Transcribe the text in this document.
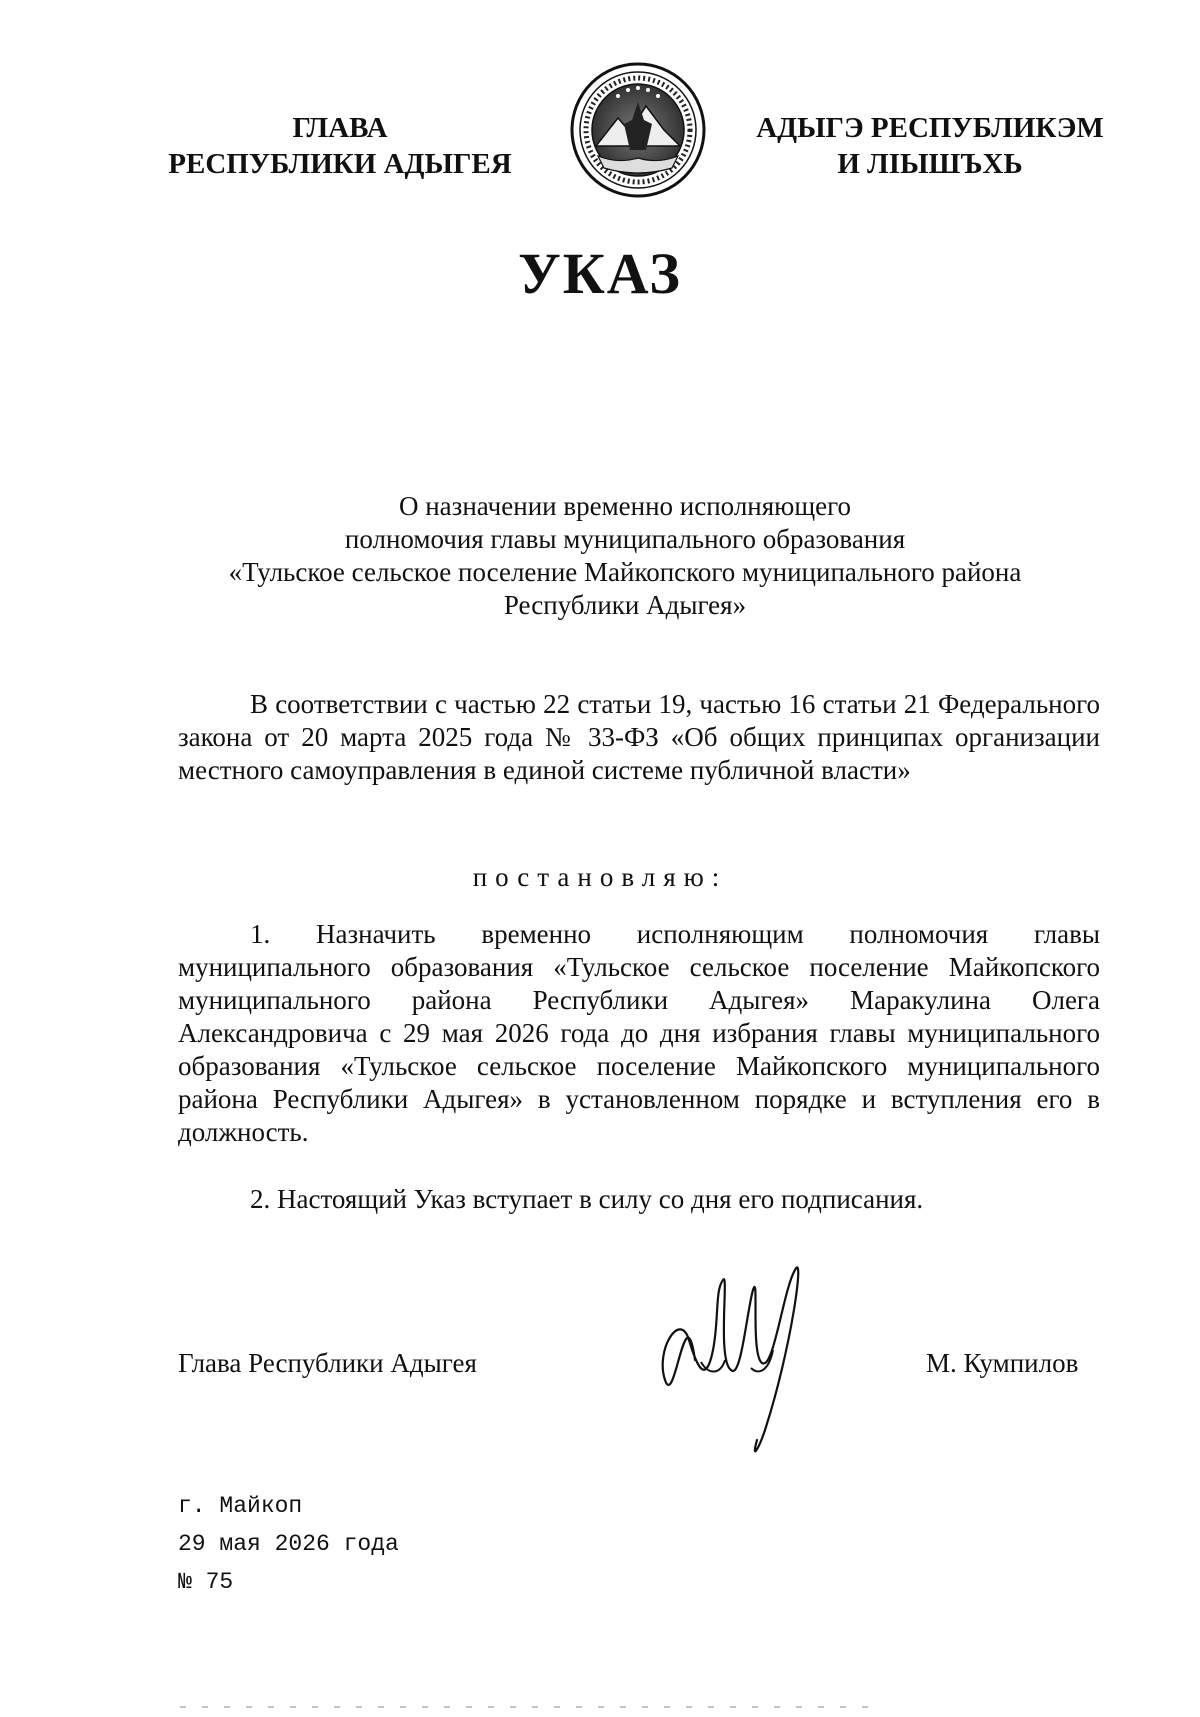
ГЛАВА
РЕСПУБЛИКИ АДЫГЕЯ
АДЫГЭ РЕСПУБЛИКЭМ
И ЛІЫШЪХЬ
УКАЗ
О назначении временно исполняющего
полномочия главы муниципального образования
«Тульское сельское поселение Майкопского муниципального района
Республики Адыгея»
В соответствии с частью 22 статьи 19, частью 16 статьи 21 Федерального закона от 20 марта 2025 года № 33-ФЗ «Об общих принципах организации местного самоуправления в единой системе публичной власти»
постановляю:
1. Назначить временно исполняющим полномочия главы муниципального образования «Тульское сельское поселение Майкопского муниципального района Республики Адыгея» Маракулина Олега Александровича с 29 мая 2026 года до дня избрания главы муниципального образования «Тульское сельское поселение Майкопского муниципального района Республики Адыгея» в установленном порядке и вступления его в должность.
2. Настоящий Указ вступает в силу со дня его подписания.
Глава Республики Адыгея	М. Кумпилов
г. Майкоп
29 мая 2026 года
№ 75
